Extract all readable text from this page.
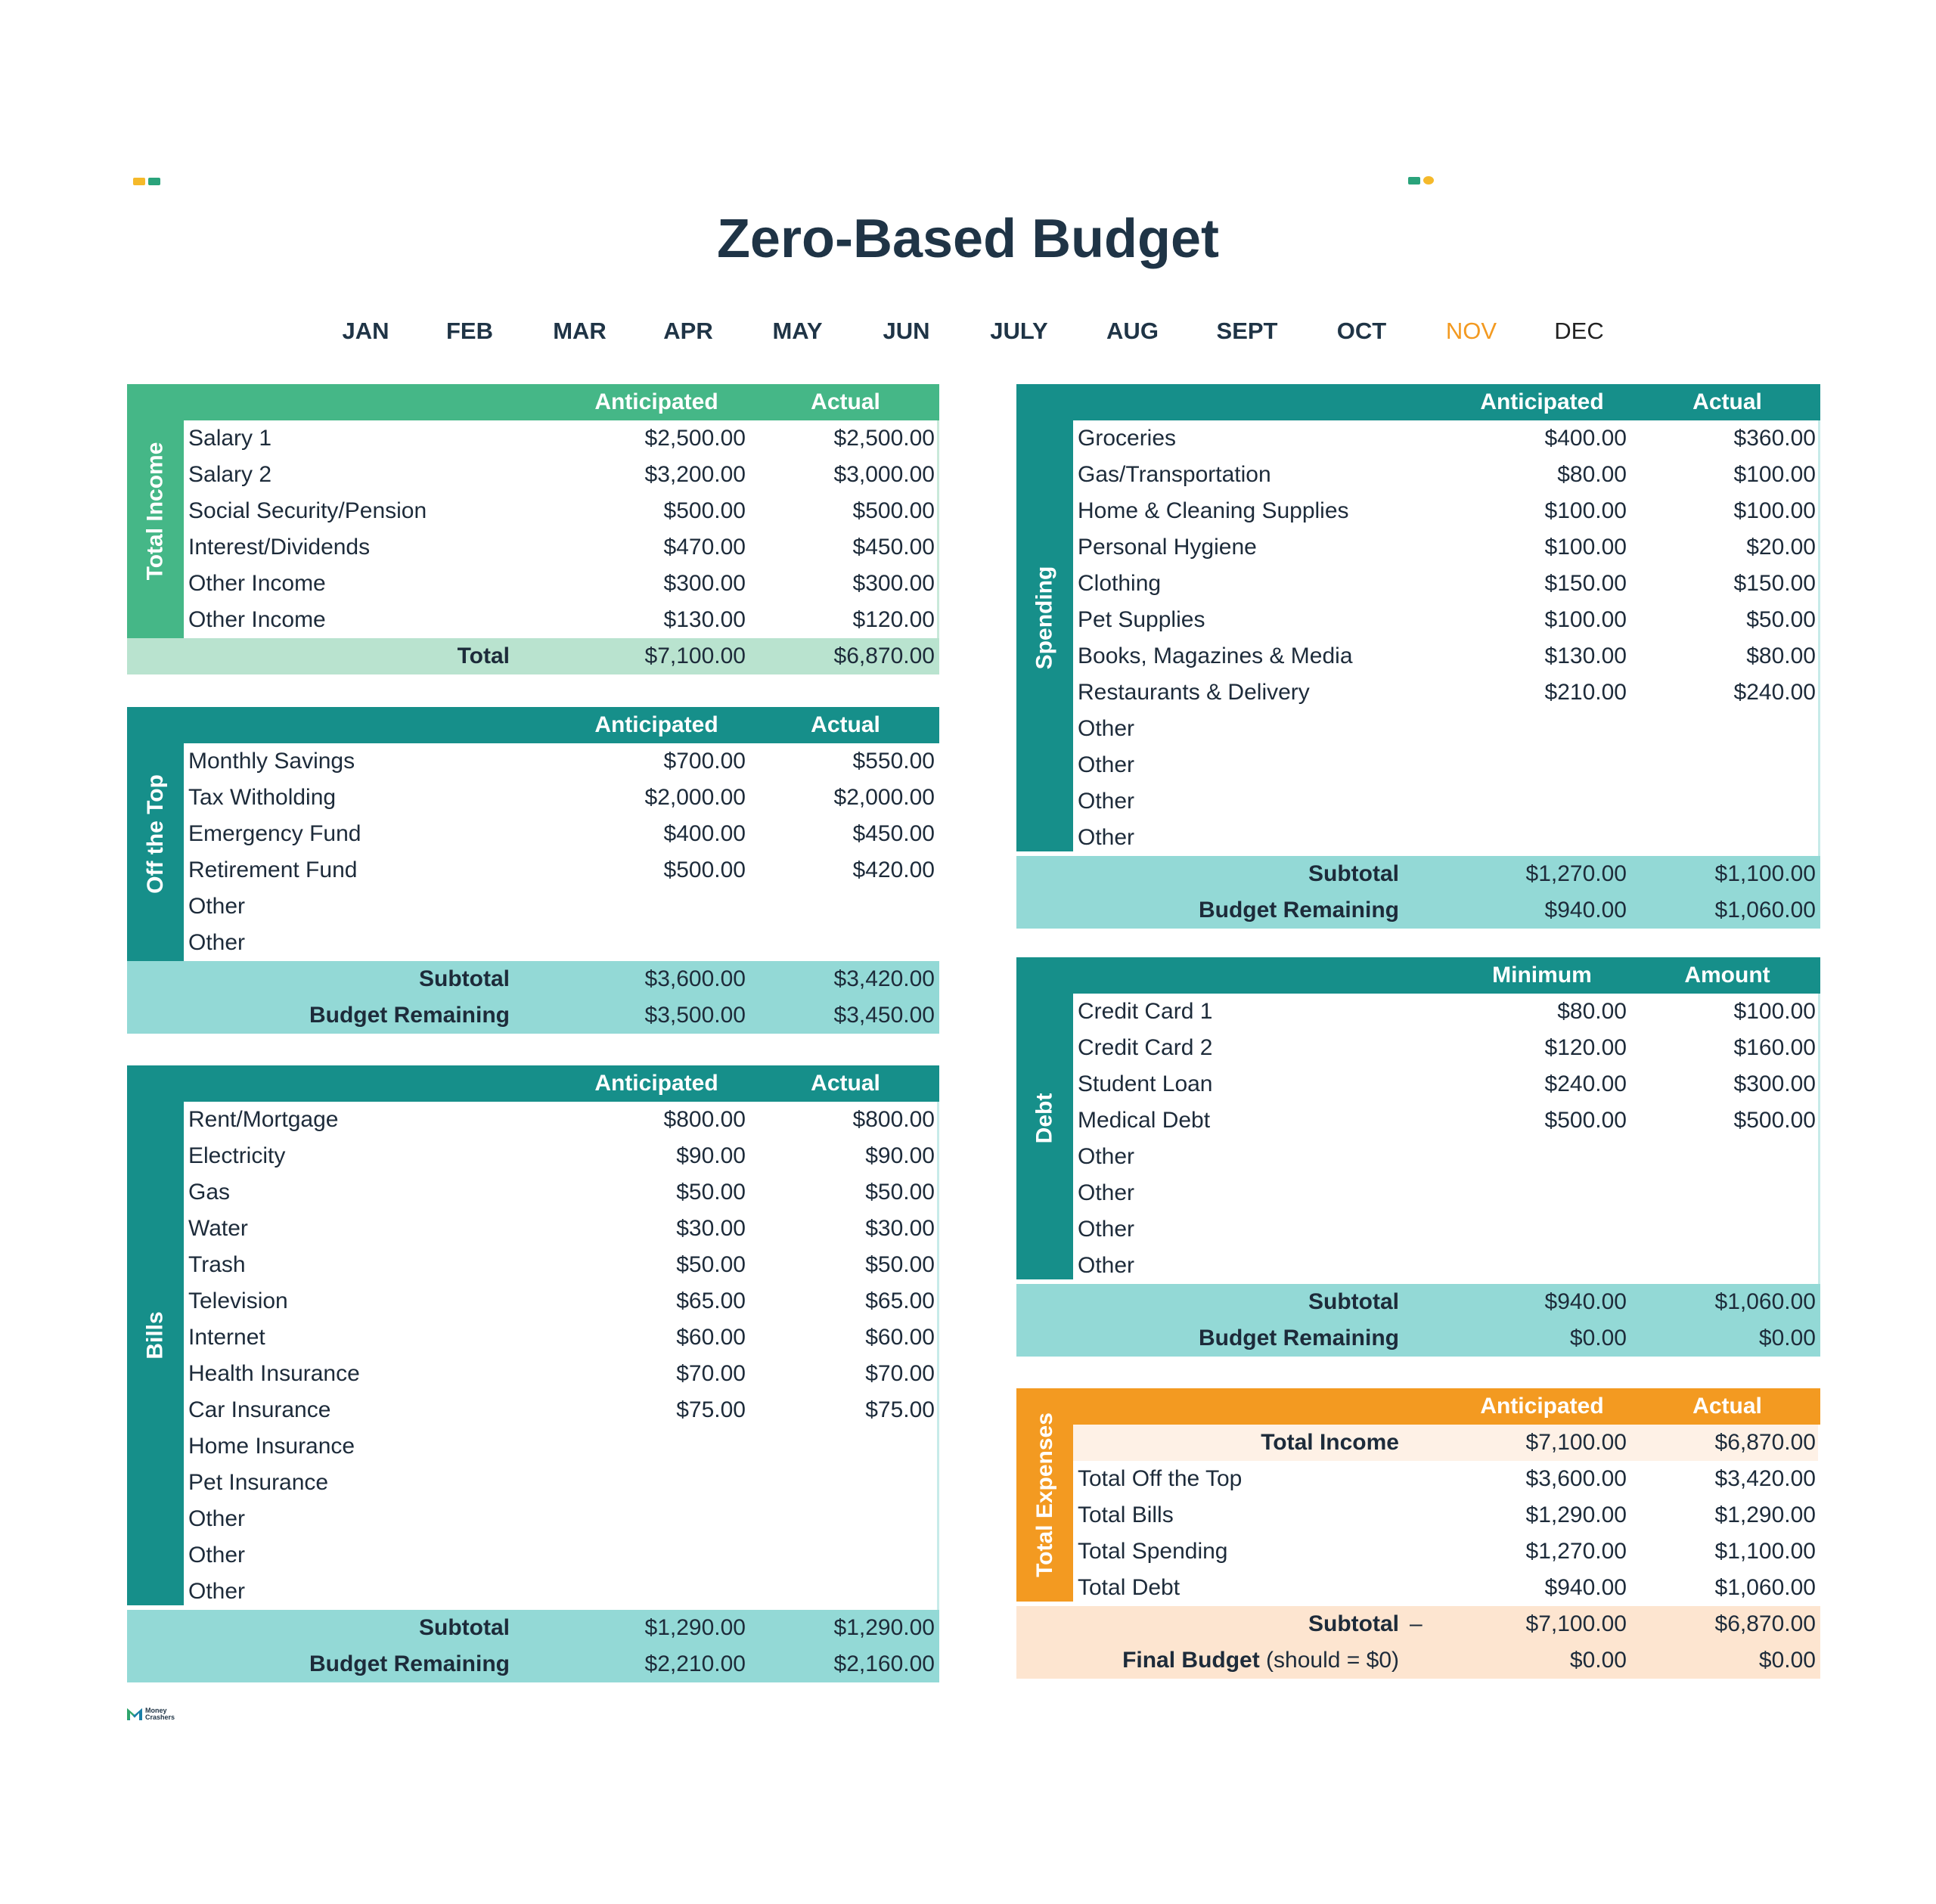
Zero-Based Budget
JAN	FEB	MAR	APR	MAY	JUN	JULY	AUG	SEPT	OCT	NOV	DEC
Anticipated	Actual
Total Income
Salary 1	$2,500.00	$2,500.00
Salary 2	$3,200.00	$3,000.00
Social Security/Pension	$500.00	$500.00
Interest/Dividends	$470.00	$450.00
Other Income	$300.00	$300.00
Other Income	$130.00	$120.00
Total	$7,100.00	$6,870.00
Anticipated	Actual
Off the Top
Monthly Savings	$700.00	$550.00
Tax Witholding	$2,000.00	$2,000.00
Emergency Fund	$400.00	$450.00
Retirement Fund	$500.00	$420.00
Other
Other
Subtotal	$3,600.00	$3,420.00
Budget Remaining	$3,500.00	$3,450.00
Anticipated	Actual
Bills
Rent/Mortgage	$800.00	$800.00
Electricity	$90.00	$90.00
Gas	$50.00	$50.00
Water	$30.00	$30.00
Trash	$50.00	$50.00
Television	$65.00	$65.00
Internet	$60.00	$60.00
Health Insurance	$70.00	$70.00
Car Insurance	$75.00	$75.00
Home Insurance
Pet Insurance
Other
Other
Other
Subtotal	$1,290.00	$1,290.00
Budget Remaining	$2,210.00	$2,160.00
Anticipated	Actual
Spending
Groceries	$400.00	$360.00
Gas/Transportation	$80.00	$100.00
Home & Cleaning Supplies	$100.00	$100.00
Personal Hygiene	$100.00	$20.00
Clothing	$150.00	$150.00
Pet Supplies	$100.00	$50.00
Books, Magazines & Media	$130.00	$80.00
Restaurants & Delivery	$210.00	$240.00
Other
Other
Other
Other
Subtotal	$1,270.00	$1,100.00
Budget Remaining	$940.00	$1,060.00
Minimum	Amount
Debt
Credit Card 1	$80.00	$100.00
Credit Card 2	$120.00	$160.00
Student Loan	$240.00	$300.00
Medical Debt	$500.00	$500.00
Other
Other
Other
Other
Subtotal	$940.00	$1,060.00
Budget Remaining	$0.00	$0.00
Anticipated	Actual
Total Expenses	Total Income	$7,100.00	$6,870.00
Total Off the Top	$3,600.00	$3,420.00
Total Bills	$1,290.00	$1,290.00
Total Spending	$1,270.00	$1,100.00
Total Debt	$940.00	$1,060.00
Subtotal	$7,100.00	$6,870.00
–
Final Budget (should = $0)	$0.00	$0.00
Money
Crashers
